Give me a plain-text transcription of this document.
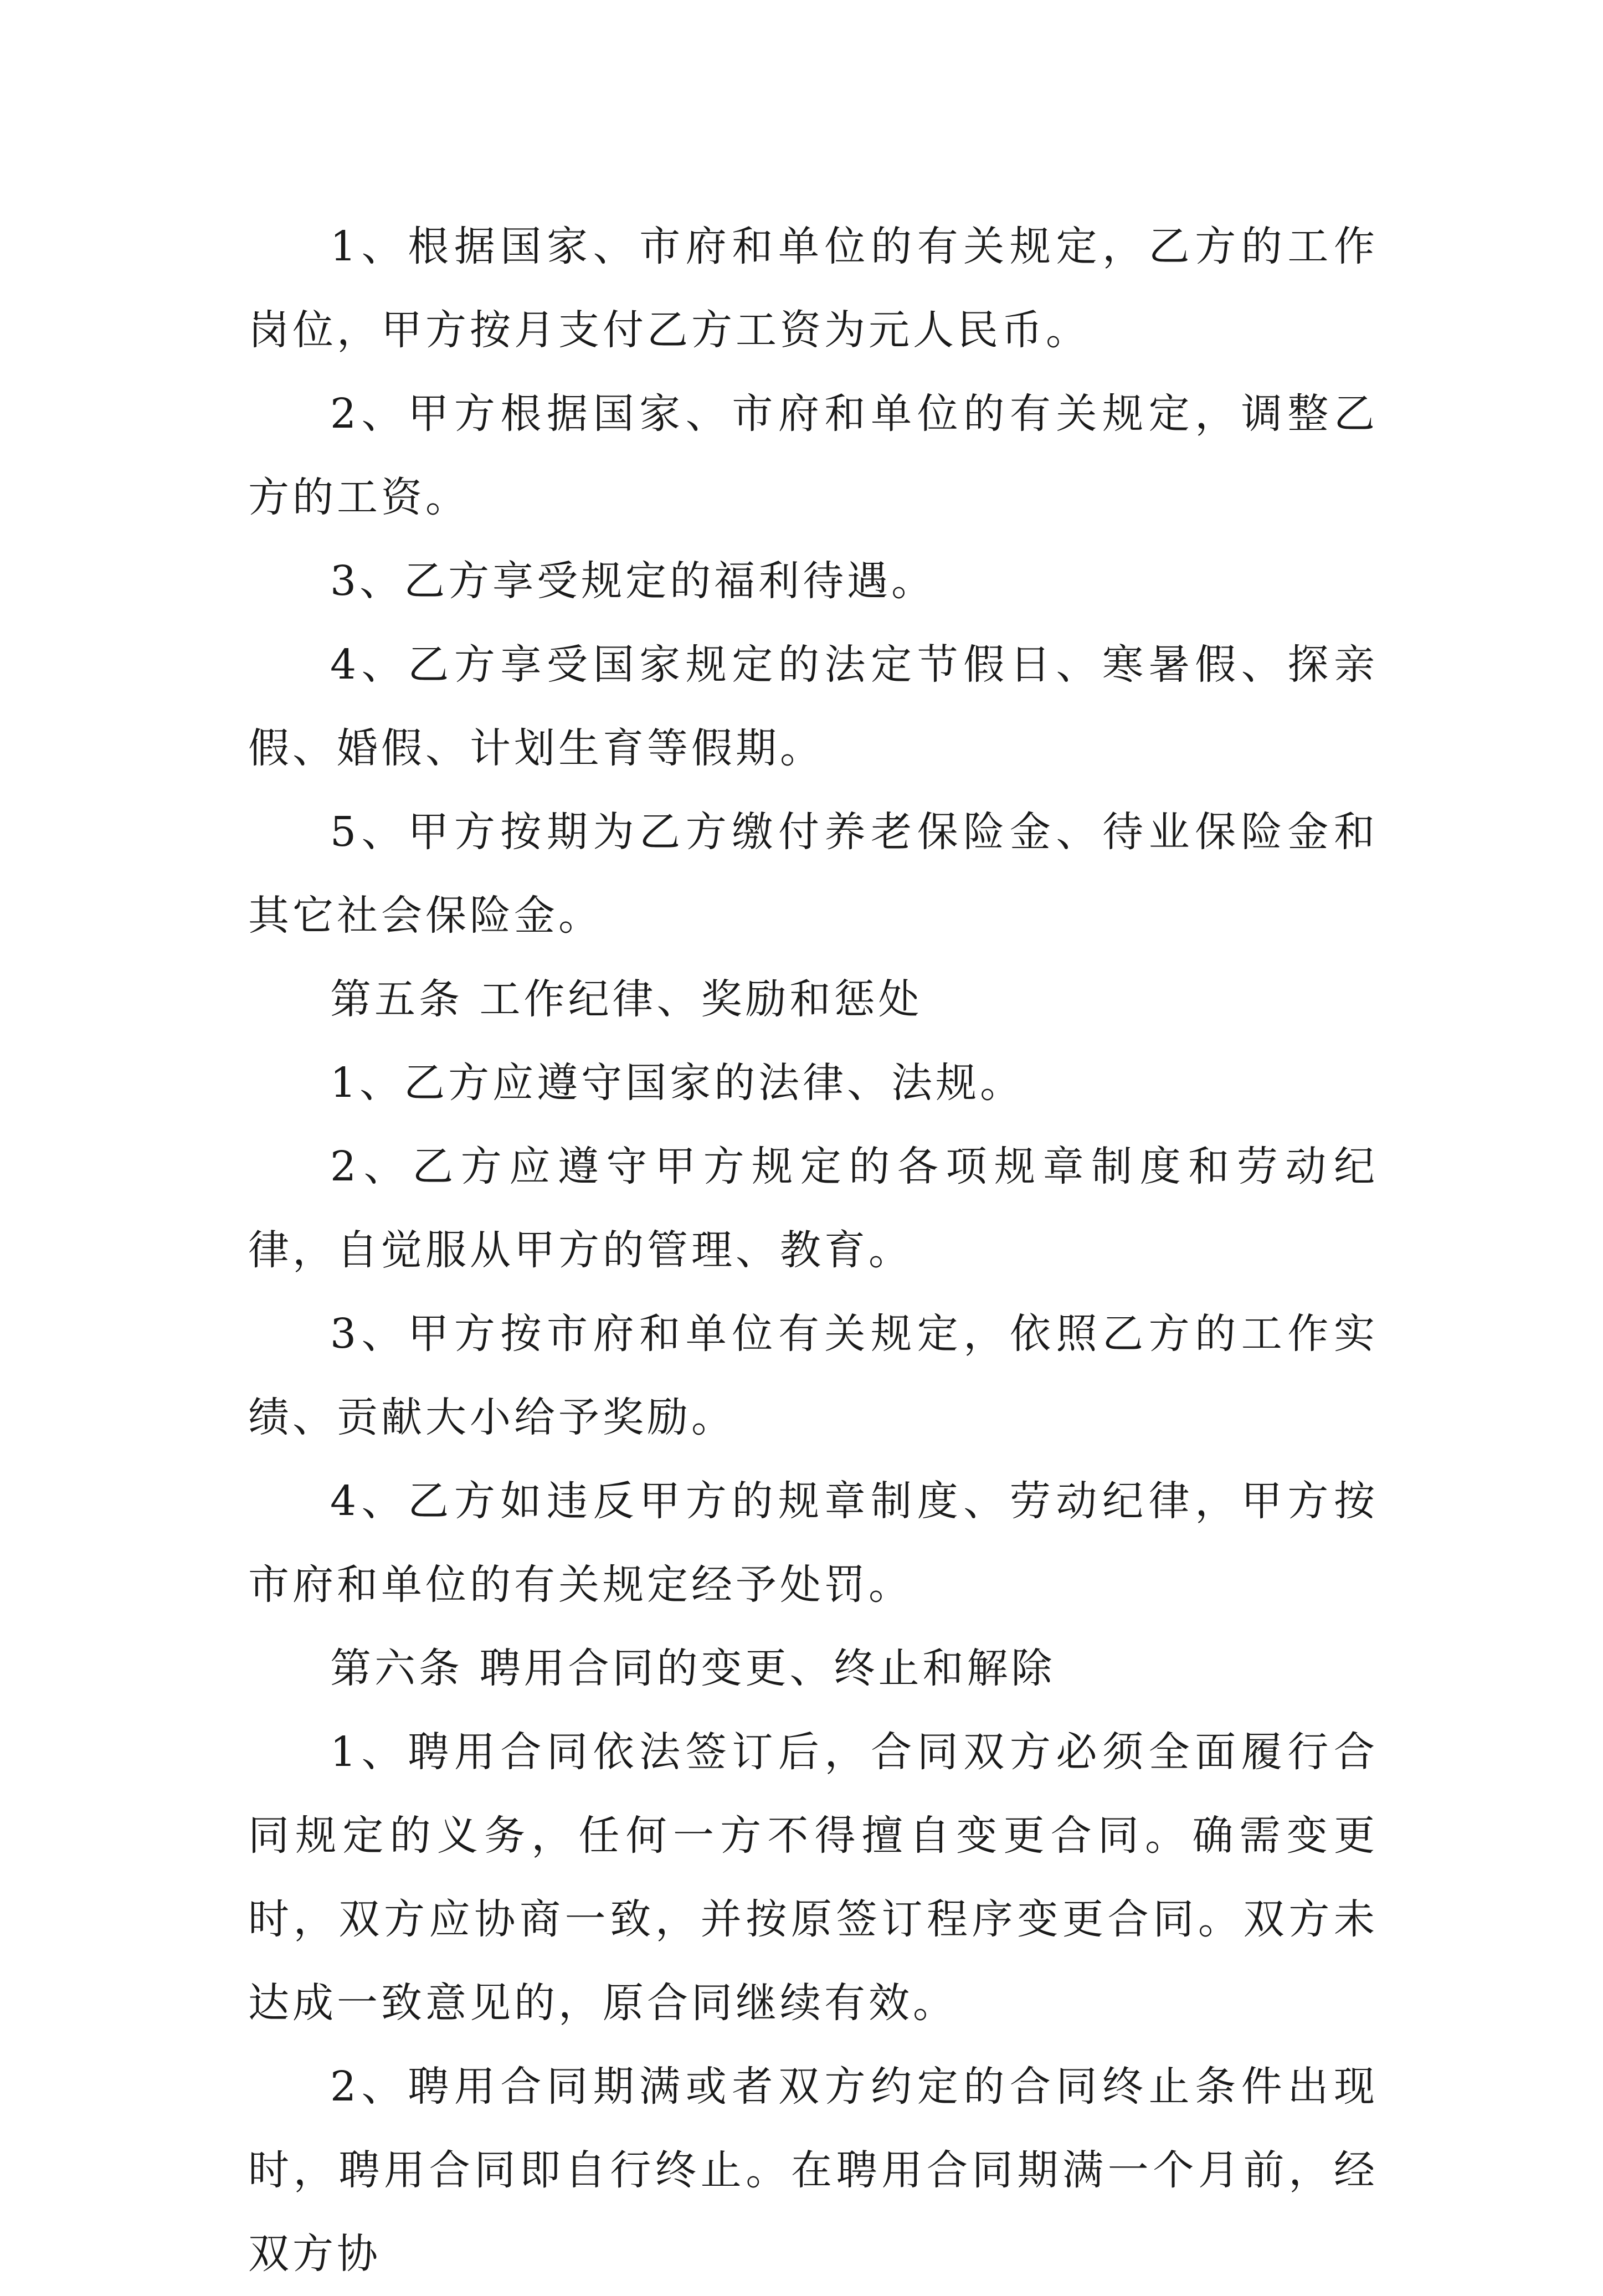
1、根据国家、市府和单位的有关规定，乙方的工作岗位，甲方按月支付乙方工资为元人民币。

2、甲方根据国家、市府和单位的有关规定，调整乙方的工资。

3、乙方享受规定的福利待遇。

4、乙方享受国家规定的法定节假日、寒暑假、探亲假、婚假、计划生育等假期。

5、甲方按期为乙方缴付养老保险金、待业保险金和其它社会保险金。

第五条 工作纪律、奖励和惩处

1、乙方应遵守国家的法律、法规。

2、乙方应遵守甲方规定的各项规章制度和劳动纪律，自觉服从甲方的管理、教育。

3、甲方按市府和单位有关规定，依照乙方的工作实绩、贡献大小给予奖励。

4、乙方如违反甲方的规章制度、劳动纪律，甲方按市府和单位的有关规定经予处罚。

第六条 聘用合同的变更、终止和解除

1、聘用合同依法签订后，合同双方必须全面履行合同规定的义务，任何一方不得擅自变更合同。确需变更时，双方应协商一致，并按原签订程序变更合同。双方未达成一致意见的，原合同继续有效。

2、聘用合同期满或者双方约定的合同终止条件出现时，聘用合同即自行终止。在聘用合同期满一个月前，经双方协
